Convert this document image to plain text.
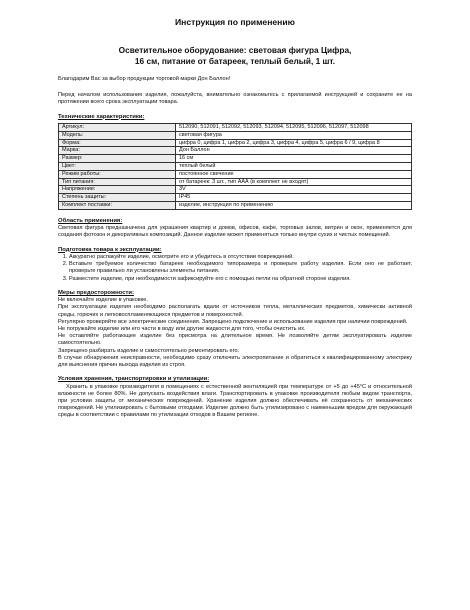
Инструкция по применению
Осветительное оборудование: световая фигура Цифра,
16 см, питание от батареек, теплый белый, 1 шт.

Благодарим Вас за выбор продукции торговой марки Дон Баллон!

Перед началом использования изделия, пожалуйста, внимательно ознакомьтесь с прилагаемой инструкцией и сохраните ее на протяжении всего срока эксплуатации товара.

Технические характеристики:
Артикул:	512090, 512091, 512092, 512093, 512094, 512095, 512096, 512097, 512098
Модель:	световая фигура
Форма:	цифра 0, цифра 1, цифра 2, цифра 3, цифра 4, цифра 5, цифра 6 / 9, цифра 8
Марка:	Дон Баллон
Размер:	16 см
Цвет:	теплый белый
Режим работы:	постоянное свечение
Тип питания:	от батареек: 3 шт., тип ААА (в комплект не входят)
Напряжение:	3V
Степень защиты:	IP45
Комплект поставки:	изделие, инструкция по применению
Область применения:

Световая фигура предназначена для украшения квартир и домов, офисов, кафе, торговых залов, витрин и окон, применяется для создания фотозон и декоративных композиций. Данное изделие может применяться только внутри сухих и чистых помещений.

Подготовка товара к эксплуатации:
1. Аккуратно распакуйте изделие, осмотрите его и убедитесь в отсутствии повреждений.
2. Вставьте требуемое количество батареек необходимого типоразмера и проверьте работу изделия. Если оно не работает, проверьте правильно ли установлены элементы питания.
3. Разместите изделие, при необходимости зафиксируйте его с помощью петли на обратной стороне изделия.
Меры предосторожности:

Не включайте изделие в упаковке.

При эксплуатации изделия необходимо располагать вдали от источников тепла, металлических предметов, химически активной среды, горючих и легковоспламеняющихся предметов и поверхностей.

Регулярно проверяйте все электрические соединения. Запрещено подключение и использование изделия при наличии повреждений.

Не погружайте изделие или его части в воду или другие жидкости для того, чтобы очистить их.

Не оставляйте работающее изделие без присмотра на длительное время. Не позволяйте детям эксплуатировать изделие самостоятельно.

Запрещено разбирать изделие и самостоятельно ремонтировать его.

В случае обнаружения неисправности, необходимо сразу отключить электропитание и обратиться к квалифицированному электрику для выяснения причин выхода изделия из строя.

Условия хранения, транспортировки и утилизации:

Хранить в упаковке производителя в помещениях с естественной вентиляцией при температуре от +5 до +45°С и относительной влажности не более 80%. Не допускать воздействия влаги. Транспортировать в упаковке производителя любым видом транспорта, при условии защиты от механических повреждений. Хранение изделия должно обеспечивать её сохранность от механических повреждений. Не утилизировать с бытовыми отходами. Изделие должно быть утилизировано с наименьшим вредом для окружающей среды в соответствии с правилами по утилизации отходов в Вашем регионе.
